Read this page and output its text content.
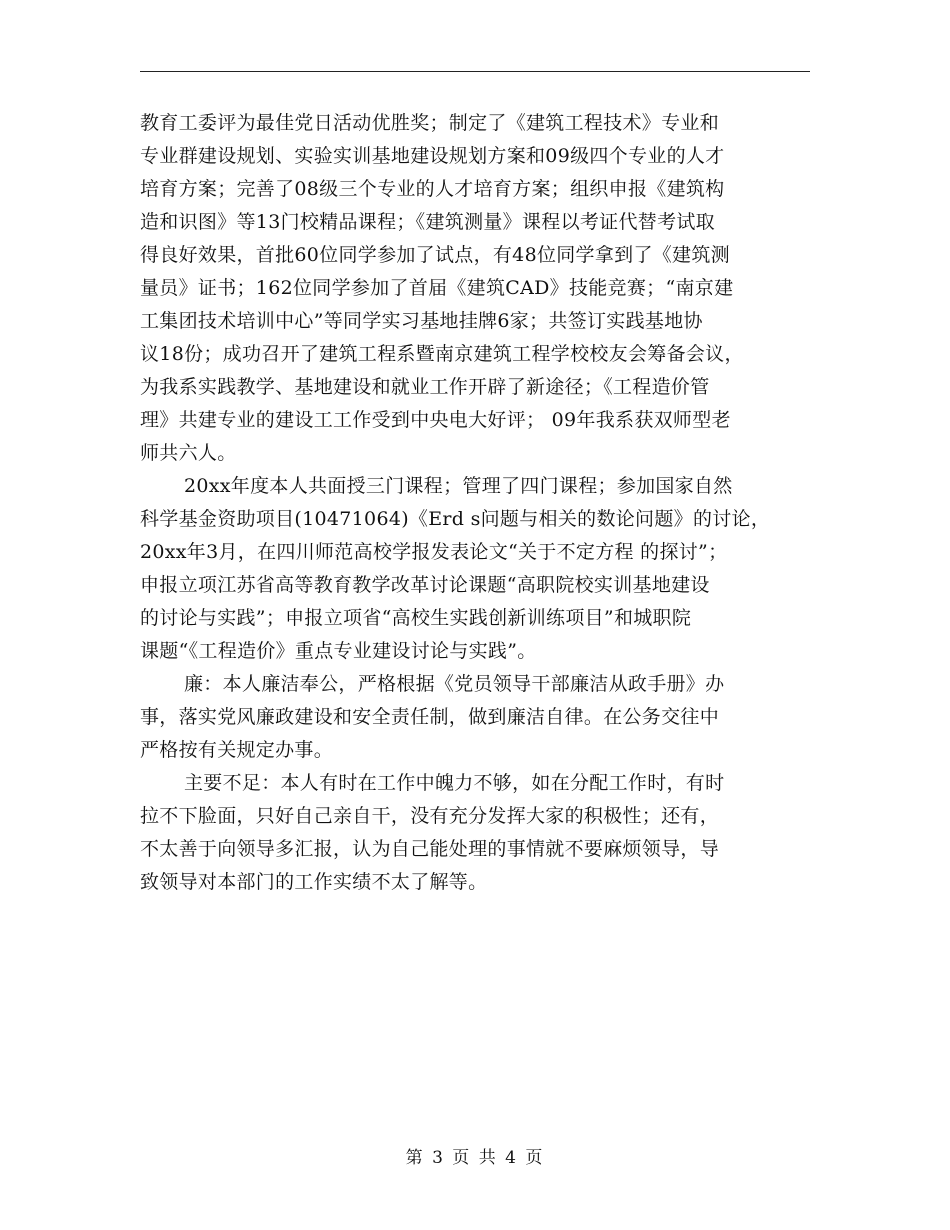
教育工委评为最佳党日活动优胜奖；制定了《建筑工程技术》专业和
专业群建设规划、实验实训基地建设规划方案和09级四个专业的人才
培育方案；完善了08级三个专业的人才培育方案；组织申报《建筑构
造和识图》等13门校精品课程；《建筑测量》课程以考证代替考试取
得良好效果，首批60位同学参加了试点，有48位同学拿到了《建筑测
量员》证书；162位同学参加了首届《建筑CAD》技能竞赛；“南京建
工集团技术培训中心”等同学实习基地挂牌6家；共签订实践基地协
议18份；成功召开了建筑工程系暨南京建筑工程学校校友会筹备会议，
为我系实践教学、基地建设和就业工作开辟了新途径；《工程造价管
理》共建专业的建设工工作受到中央电大好评； 09年我系获双师型老
师共六人。
20xx年度本人共面授三门课程；管理了四门课程；参加国家自然
科学基金资助项目(10471064)《Erd s问题与相关的数论问题》的讨论，
20xx年3月，在四川师范高校学报发表论文“关于不定方程 的探讨”；
申报立项江苏省高等教育教学改革讨论课题“高职院校实训基地建设
的讨论与实践”；申报立项省“高校生实践创新训练项目”和城职院
课题“《工程造价》重点专业建设讨论与实践”。
廉：本人廉洁奉公，严格根据《党员领导干部廉洁从政手册》办
事，落实党风廉政建设和安全责任制，做到廉洁自律。在公务交往中
严格按有关规定办事。
主要不足：本人有时在工作中魄力不够，如在分配工作时，有时
拉不下脸面，只好自己亲自干，没有充分发挥大家的积极性；还有，
不太善于向领导多汇报，认为自己能处理的事情就不要麻烦领导，导
致领导对本部门的工作实绩不太了解等。
第 3 页 共 4 页
